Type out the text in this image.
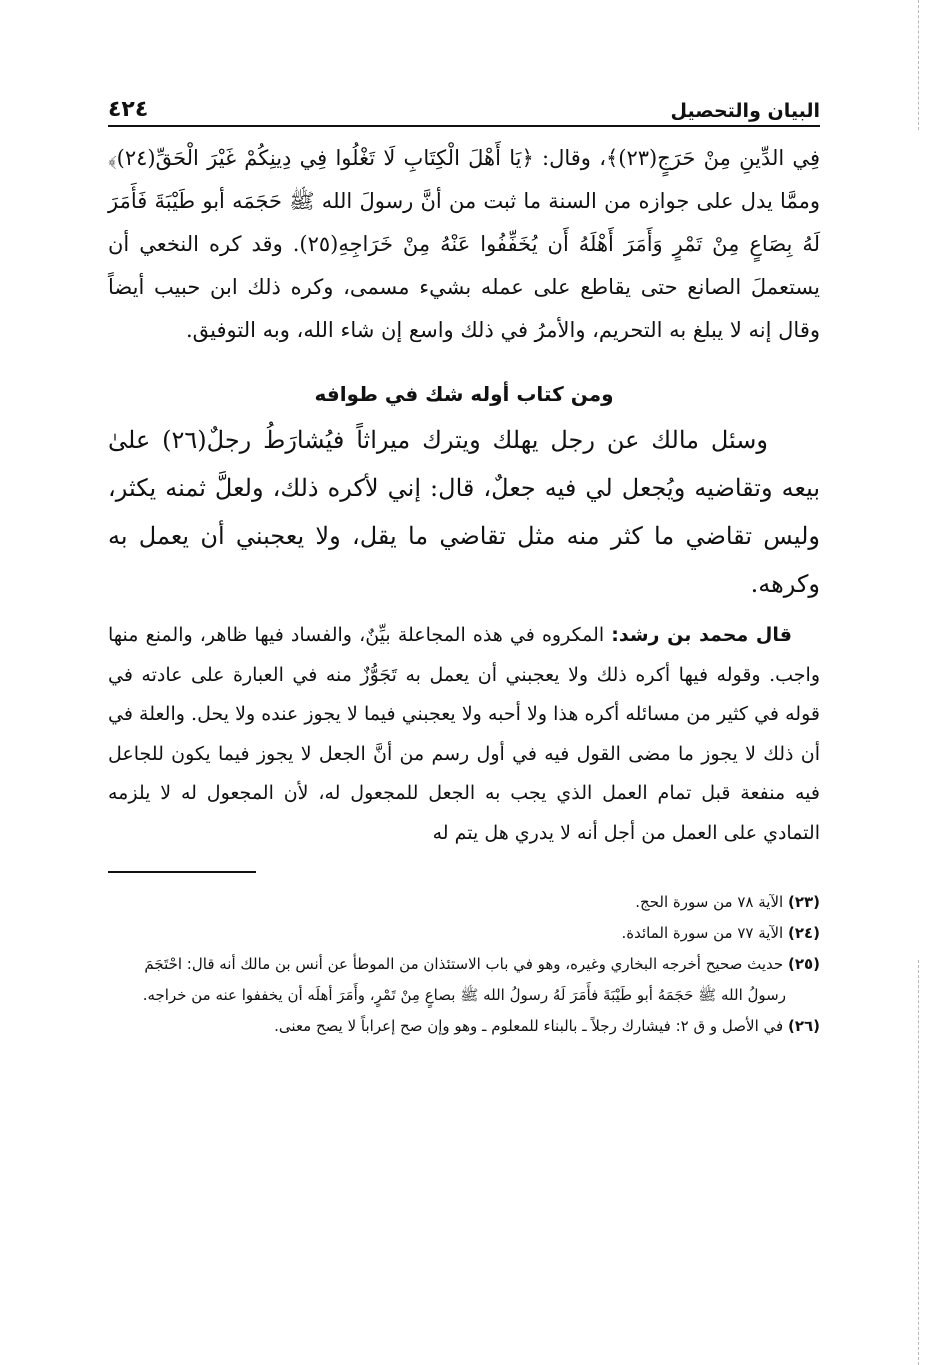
البيان والتحصيل
٤٢٤

فِي الدِّينِ مِنْ حَرَجٍ(٢٣)﴾، وقال: ﴿يَا أَهْلَ الْكِتَابِ لَا تَغْلُوا فِي دِينِكُمْ غَيْرَ الْحَقِّ(٢٤)﴾ وممَّا يدل على جوازه من السنة ما ثبت من أنَّ رسولَ الله ﷺ حَجَمَه أبو طَيْبَةَ فَأَمَرَ لَهُ بِصَاعٍ مِنْ تَمْرٍ وَأَمَرَ أَهْلَهُ أَن يُخَفِّفُوا عَنْهُ مِنْ خَرَاجِهِ(٢٥). وقد كره النخعي أن يستعملَ الصانع حتى يقاطع على عمله بشيء مسمى، وكره ذلك ابن حبيب أيضاً وقال إنه لا يبلغ به التحريم، والأمرُ في ذلك واسع إن شاء الله، وبه التوفيق.

ومن كتاب أوله شك في طوافه

وسئل مالك عن رجل يهلك ويترك ميراثاً فيُشارَطُ رجلٌ(٢٦) علىٰ بيعه وتقاضيه ويُجعل لي فيه جعلٌ، قال: إني لأكره ذلك، ولعلَّ ثمنه يكثر، وليس تقاضي ما كثر منه مثل تقاضي ما يقل، ولا يعجبني أن يعمل به وكرهه.

قال محمد بن رشد: المكروه في هذه المجاعلة بيِّنٌ، والفساد فيها ظاهر، والمنع منها واجب. وقوله فيها أكره ذلك ولا يعجبني أن يعمل به تَجَوُّزٌ منه في العبارة على عادته في قوله في كثير من مسائله أكره هذا ولا أحبه ولا يعجبني فيما لا يجوز عنده ولا يحل. والعلة في أن ذلك لا يجوز ما مضى القول فيه في أول رسم من أنَّ الجعل لا يجوز فيما يكون للجاعل فيه منفعة قبل تمام العمل الذي يجب به الجعل للمجعول له، لأن المجعول له لا يلزمه التمادي على العمل من أجل أنه لا يدري هل يتم له

(٢٣) الآية ٧٨ من سورة الحج.
(٢٤) الآية ٧٧ من سورة المائدة.
(٢٥) حديث صحيح أخرجه البخاري وغيره، وهو في باب الاستئذان من الموطأ عن أنس بن مالك أنه قال: احْتَجَمَ رسولُ الله ﷺ حَجَمَهُ أبو طَيْبَةَ فأَمَرَ لَهُ رسولُ الله ﷺ بصاعٍ مِنْ تَمْرٍ، وأَمَرَ أهلَه أن يخففوا عنه من خراجه.
(٢٦) في الأصل و ق ٢: فيشارك رجلاً ـ بالبناء للمعلوم ـ وهو وإن صح إعراباً لا يصح معنى.
